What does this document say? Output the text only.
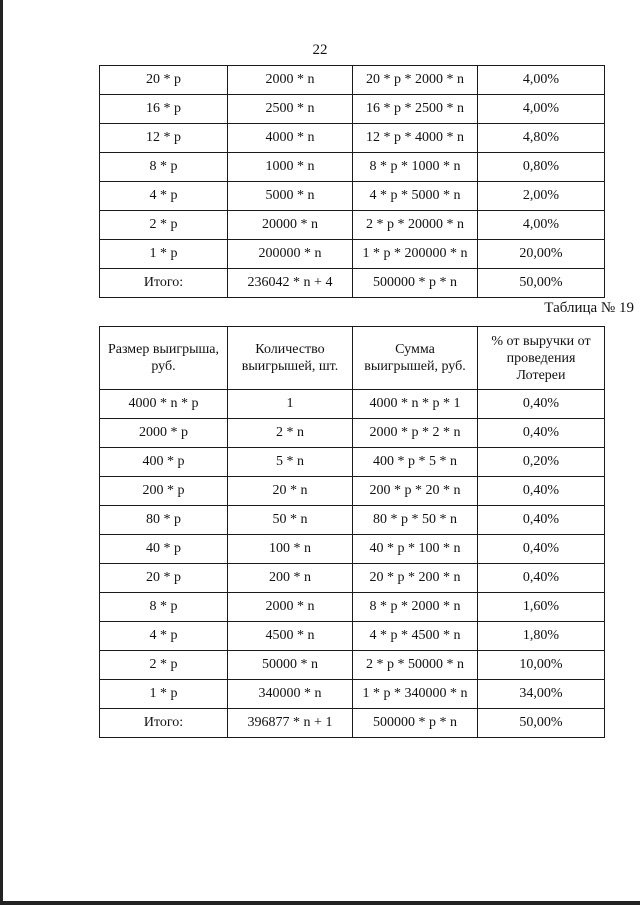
22
20 * p	2000 * n	20 * p * 2000 * n	4,00%
16 * p	2500 * n	16 * p * 2500 * n	4,00%
12 * p	4000 * n	12 * p * 4000 * n	4,80%
8 * p	1000 * n	8 * p * 1000 * n	0,80%
4 * p	5000 * n	4 * p * 5000 * n	2,00%
2 * p	20000 * n	2 * p * 20000 * n	4,00%
1 * p	200000 * n	1 * p * 200000 * n	20,00%
Итого:	236042 * n + 4	500000 * p * n	50,00%
Таблица № 19
Размер выигрыша, руб.	Количество выигрышей, шт.	Сумма выигрышей, руб.	% от выручки от проведения Лотереи
4000 * n * p	1	4000 * n * p * 1	0,40%
2000 * p	2 * n	2000 * p * 2 * n	0,40%
400 * p	5 * n	400 * p * 5 * n	0,20%
200 * p	20 * n	200 * p * 20 * n	0,40%
80 * p	50 * n	80 * p * 50 * n	0,40%
40 * p	100 * n	40 * p * 100 * n	0,40%
20 * p	200 * n	20 * p * 200 * n	0,40%
8 * p	2000 * n	8 * p * 2000 * n	1,60%
4 * p	4500 * n	4 * p * 4500 * n	1,80%
2 * p	50000 * n	2 * p * 50000 * n	10,00%
1 * p	340000 * n	1 * p * 340000 * n	34,00%
Итого:	396877 * n + 1	500000 * p * n	50,00%
